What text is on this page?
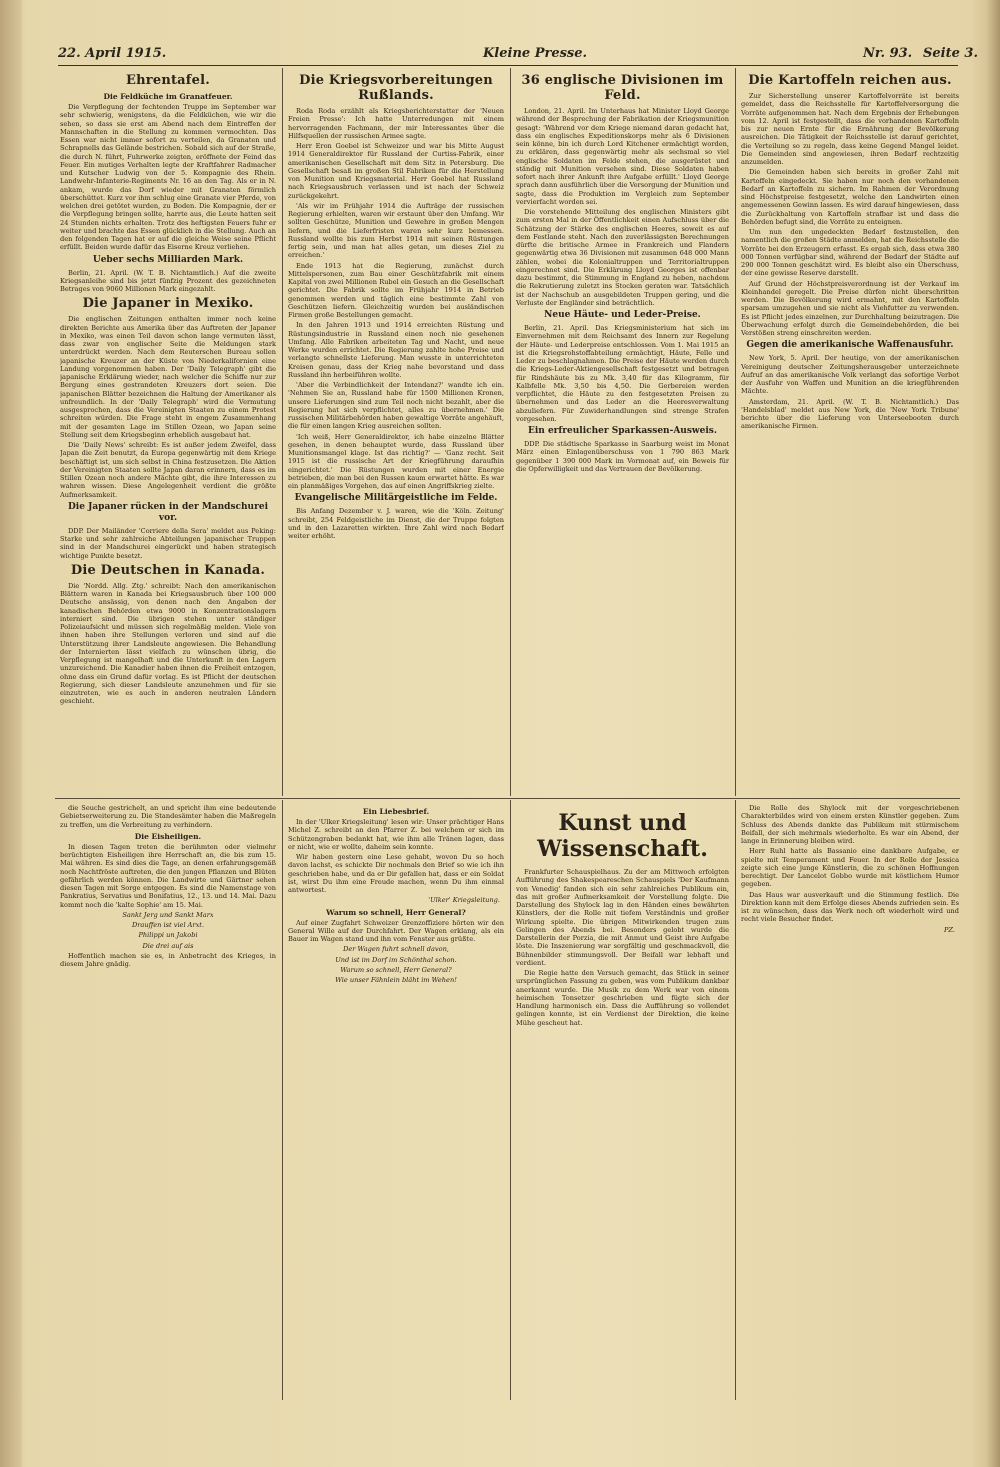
22. April 1915.	Kleine Presse.	Nr. 93. Seite 3.
Ehrentafel.
Die Feldküche im Granatfeuer.

Die Verpflegung der fechtenden Truppe im September war sehr schwierig, wenigstens, da die Feldküchen, wie wir die sehen, so dass sie erst am Abend nach dem Eintreffen der Mannschaften in die Stellung zu kommen vermochten. Das Essen war nicht immer sofort zu verteilen, da Granaten und Schrapnells das Gelände bestrichen. Sobald sich auf der Straße, die durch N. führt, Fuhrwerke zeigten, eröffnete der Feind das Feuer. Ein mutiges Verhalten legte der Kraftfahrer Radmacher und Kutscher Ludwig von der 5. Kompagnie des Rhein. Landwehr-Infanterie-Regiments Nr. 16 an den Tag. Als er in N. ankam, wurde das Dorf wieder mit Granaten förmlich überschüttet. Kurz vor ihm schlug eine Granate vier Pferde, von welchen drei getötet wurden, zu Boden. Die Kompagnie, der er die Verpflegung bringen sollte, harrte aus, die Leute hatten seit 24 Stunden nichts erhalten. Trotz des heftigsten Feuers fuhr er weiter und brachte das Essen glücklich in die Stellung. Auch an den folgenden Tagen hat er auf die gleiche Weise seine Pflicht erfüllt. Beiden wurde dafür das Eiserne Kreuz verliehen.

Ueber sechs Milliarden Mark.

Berlin, 21. April. (W. T. B. Nichtamtlich.) Auf die zweite Kriegsanleihe sind bis jetzt fünfzig Prozent des gezeichneten Betrages von 9060 Millionen Mark eingezahlt.

Die Japaner in Mexiko.

Die englischen Zeitungen enthalten immer noch keine direkten Berichte aus Amerika über das Auftreten der Japaner in Mexiko, was einen Teil davon schon lange vermuten lässt, dass zwar von englischer Seite die Meldungen stark unterdrückt werden. Nach dem Reuterschen Bureau sollen japanische Kreuzer an der Küste von Niederkalifornien eine Landung vorgenommen haben. Der 'Daily Telegraph' gibt die japanische Erklärung wieder, nach welcher die Schiffe nur zur Bergung eines gestrandeten Kreuzers dort seien. Die japanischen Blätter bezeichnen die Haltung der Amerikaner als unfreundlich. In der 'Daily Telegraph' wird die Vermutung ausgesprochen, dass die Vereinigten Staaten zu einem Protest schreiten würden. Die Frage steht in engem Zusammenhang mit der gesamten Lage im Stillen Ozean, wo Japan seine Stellung seit dem Kriegsbeginn erheblich ausgebaut hat.

Die 'Daily News' schreibt: Es ist außer jedem Zweifel, dass Japan die Zeit benutzt, da Europa gegenwärtig mit dem Kriege beschäftigt ist, um sich selbst in China festzusetzen. Die Aktion der Vereinigten Staaten sollte Japan daran erinnern, dass es im Stillen Ozean noch andere Mächte gibt, die ihre Interessen zu wahren wissen. Diese Angelegenheit verdient die größte Aufmerksamkeit.

Die Japaner rücken in der Mandschurei vor.

DDP. Der Mailänder 'Corriere della Sera' meldet aus Peking: Starke und sehr zahlreiche Abteilungen japanischer Truppen sind in der Mandschurei eingerückt und haben strategisch wichtige Punkte besetzt.

Die Deutschen in Kanada.

Die 'Nordd. Allg. Ztg.' schreibt: Nach den amerikanischen Blättern waren in Kanada bei Kriegsausbruch über 100 000 Deutsche ansässig, von denen nach den Angaben der kanadischen Behörden etwa 9000 in Konzentrationslagern interniert sind. Die übrigen stehen unter ständiger Polizeiaufsicht und müssen sich regelmäßig melden. Viele von ihnen haben ihre Stellungen verloren und sind auf die Unterstützung ihrer Landsleute angewiesen. Die Behandlung der Internierten lässt vielfach zu wünschen übrig, die Verpflegung ist mangelhaft und die Unterkunft in den Lagern unzureichend. Die Kanadier haben ihnen die Freiheit entzogen, ohne dass ein Grund dafür vorlag. Es ist Pflicht der deutschen Regierung, sich dieser Landsleute anzunehmen und für sie einzutreten, wie es auch in anderen neutralen Ländern geschieht.

Die Kriegsvorbereitungen Rußlands.

Roda Roda erzählt als Kriegsberichterstatter der 'Neuen Freien Presse': Ich hatte Unterredungen mit einem hervorragenden Fachmann, der mir Interessantes über die Hilfsquellen der russischen Armee sagte.

Herr Eron Goebel ist Schweizer und war bis Mitte August 1914 Generaldirektor für Russland der Curtiss-Fabrik, einer amerikanischen Gesellschaft mit dem Sitz in Petersburg. Die Gesellschaft besaß im großen Stil Fabriken für die Herstellung von Munition und Kriegsmaterial. Herr Goebel hat Russland nach Kriegsausbruch verlassen und ist nach der Schweiz zurückgekehrt.

'Als wir im Frühjahr 1914 die Aufträge der russischen Regierung erhielten, waren wir erstaunt über den Umfang. Wir sollten Geschütze, Munition und Gewehre in großen Mengen liefern, und die Lieferfristen waren sehr kurz bemessen. Russland wollte bis zum Herbst 1914 mit seinen Rüstungen fertig sein, und man hat alles getan, um dieses Ziel zu erreichen.'

Ende 1913 hat die Regierung, zunächst durch Mittelspersonen, zum Bau einer Geschützfabrik mit einem Kapital von zwei Millionen Rubel ein Gesuch an die Gesellschaft gerichtet. Die Fabrik sollte im Frühjahr 1914 in Betrieb genommen werden und täglich eine bestimmte Zahl von Geschützen liefern. Gleichzeitig wurden bei ausländischen Firmen große Bestellungen gemacht.

In den Jahren 1913 und 1914 erreichten Rüstung und Rüstungsindustrie in Russland einen noch nie gesehenen Umfang. Alle Fabriken arbeiteten Tag und Nacht, und neue Werke wurden errichtet. Die Regierung zahlte hohe Preise und verlangte schnellste Lieferung. Man wusste in unterrichteten Kreisen genau, dass der Krieg nahe bevorstand und dass Russland ihn herbeiführen wollte.

'Aber die Verbindlichkeit der Intendanz?' wandte ich ein. 'Nehmen Sie an, Russland habe für 1500 Millionen Kronen, unsere Lieferungen sind zum Teil noch nicht bezahlt, aber die Regierung hat sich verpflichtet, alles zu übernehmen.' Die russischen Militärbehörden haben gewaltige Vorräte angehäuft, die für einen langen Krieg ausreichen sollten.

'Ich weiß, Herr Generaldirektor, ich habe einzelne Blätter gesehen, in denen behauptet wurde, dass Russland über Munitionsmangel klage. Ist das richtig?' — 'Ganz recht. Seit 1915 ist die russische Art der Kriegführung daraufhin eingerichtet.' Die Rüstungen wurden mit einer Energie betrieben, die man bei den Russen kaum erwartet hätte. Es war ein planmäßiges Vorgehen, das auf einen Angriffskrieg zielte.

Evangelische Militärgeistliche im Felde.

Bis Anfang Dezember v. J. waren, wie die 'Köln. Zeitung' schreibt, 254 Feldgeistliche im Dienst, die der Truppe folgten und in den Lazaretten wirkten. Ihre Zahl wird nach Bedarf weiter erhöht.

36 englische Divisionen im Feld.

London, 21. April. Im Unterhaus hat Minister Lloyd George während der Besprechung der Fabrikation der Kriegsmunition gesagt: 'Während vor dem Kriege niemand daran gedacht hat, dass ein englisches Expeditionskorps mehr als 6 Divisionen sein könne, bin ich durch Lord Kitchener ermächtigt worden, zu erklären, dass gegenwärtig mehr als sechsmal so viel englische Soldaten im Felde stehen, die ausgerüstet und ständig mit Munition versehen sind. Diese Soldaten haben sofort nach ihrer Ankunft ihre Aufgabe erfüllt.' Lloyd George sprach dann ausführlich über die Versorgung der Munition und sagte, dass die Produktion im Vergleich zum September vervierfacht worden sei.

Die vorstehende Mitteilung des englischen Ministers gibt zum ersten Mal in der Öffentlichkeit einen Aufschluss über die Schätzung der Stärke des englischen Heeres, soweit es auf dem Festlande steht. Nach den zuverlässigsten Berechnungen dürfte die britische Armee in Frankreich und Flandern gegenwärtig etwa 36 Divisionen mit zusammen 648 000 Mann zählen, wobei die Kolonialtruppen und Territorialtruppen eingerechnet sind. Die Erklärung Lloyd Georges ist offenbar dazu bestimmt, die Stimmung in England zu heben, nachdem die Rekrutierung zuletzt ins Stocken geraten war. Tatsächlich ist der Nachschub an ausgebildeten Truppen gering, und die Verluste der Engländer sind beträchtlich.

Neue Häute- und Leder-Preise.

Berlin, 21. April. Das Kriegsministerium hat sich im Einvernehmen mit dem Reichsamt des Innern zur Regelung der Häute- und Lederpreise entschlossen. Vom 1. Mai 1915 an ist die Kriegsrohstoffabteilung ermächtigt, Häute, Felle und Leder zu beschlagnahmen. Die Preise der Häute werden durch die Kriegs-Leder-Aktiengesellschaft festgesetzt und betragen für Rindshäute bis zu Mk. 3,40 für das Kilogramm, für Kalbfelle Mk. 3,50 bis 4,50. Die Gerbereien werden verpflichtet, die Häute zu den festgesetzten Preisen zu übernehmen und das Leder an die Heeresverwaltung abzuliefern. Für Zuwiderhandlungen sind strenge Strafen vorgesehen.

Ein erfreulicher Sparkassen-Ausweis.

DDP. Die städtische Sparkasse in Saarburg weist im Monat März einen Einlagenüberschuss von 1 790 863 Mark gegenüber 1 390 000 Mark im Vormonat auf, ein Beweis für die Opferwilligkeit und das Vertrauen der Bevölkerung.

Die Kartoffeln reichen aus.

Zur Sicherstellung unserer Kartoffelvorräte ist bereits gemeldet, dass die Reichsstelle für Kartoffelversorgung die Vorräte aufgenommen hat. Nach dem Ergebnis der Erhebungen vom 12. April ist festgestellt, dass die vorhandenen Kartoffeln bis zur neuen Ernte für die Ernährung der Bevölkerung ausreichen. Die Tätigkeit der Reichsstelle ist darauf gerichtet, die Verteilung so zu regeln, dass keine Gegend Mangel leidet. Die Gemeinden sind angewiesen, ihren Bedarf rechtzeitig anzumelden.

Die Gemeinden haben sich bereits in großer Zahl mit Kartoffeln eingedeckt. Sie haben nur noch den vorhandenen Bedarf an Kartoffeln zu sichern. Im Rahmen der Verordnung sind Höchstpreise festgesetzt, welche den Landwirten einen angemessenen Gewinn lassen. Es wird darauf hingewiesen, dass die Zurückhaltung von Kartoffeln strafbar ist und dass die Behörden befugt sind, die Vorräte zu enteignen.

Um nun den ungedeckten Bedarf festzustellen, den namentlich die großen Städte anmelden, hat die Reichsstelle die Vorräte bei den Erzeugern erfasst. Es ergab sich, dass etwa 380 000 Tonnen verfügbar sind, während der Bedarf der Städte auf 290 000 Tonnen geschätzt wird. Es bleibt also ein Überschuss, der eine gewisse Reserve darstellt.

Auf Grund der Höchstpreisverordnung ist der Verkauf im Kleinhandel geregelt. Die Preise dürfen nicht überschritten werden. Die Bevölkerung wird ermahnt, mit den Kartoffeln sparsam umzugehen und sie nicht als Viehfutter zu verwenden. Es ist Pflicht jedes einzelnen, zur Durchhaltung beizutragen. Die Überwachung erfolgt durch die Gemeindebehörden, die bei Verstößen streng einschreiten werden.

Gegen die amerikanische Waffenausfuhr.

New York, 5. April. Der heutige, von der amerikanischen Vereinigung deutscher Zeitungsherausgeber unterzeichnete Aufruf an das amerikanische Volk verlangt das sofortige Verbot der Ausfuhr von Waffen und Munition an die kriegführenden Mächte.

Amsterdam, 21. April. (W. T. B. Nichtamtlich.) Das 'Handelsblad' meldet aus New York, die 'New York Tribune' berichte über die Lieferung von Unterseebooten durch amerikanische Firmen.

die Seuche gestrichelt, an und spricht ihm eine bedeutende Gebietserweiterung zu. Die Standesämter haben die Maßregeln zu treffen, um die Verbreitung zu verhindern.

Die Eisheiligen.

In diesen Tagen treten die berühmten oder vielmehr berüchtigten Eisheiligen ihre Herrschaft an, die bis zum 15. Mai währen. Es sind dies die Tage, an denen erfahrungsgemäß noch Nachtfröste auftreten, die den jungen Pflanzen und Blüten gefährlich werden können. Die Landwirte und Gärtner sehen diesen Tagen mit Sorge entgegen. Es sind die Namenstage von Pankratius, Servatius und Bonifatius, 12., 13. und 14. Mai. Dazu kommt noch die 'kalte Sophie' am 15. Mai.

Sankt Jerg und Sankt Marx

Drauffen ist viel Arxt.

Philippi un Jakobi

Die drei auf ais

Hoffentlich machen sie es, in Anbetracht des Krieges, in diesem Jahre gnädig.

Ein Liebesbrief.

In der 'Ulker Kriegsleitung' lesen wir: Unser prächtiger Hans Michel Z. schreibt an den Pfarrer Z. bei welchem er sich im Schützengraben bedankt hat, wie ihm alle Tränen lagen, dass er nicht, wie er wollte, daheim sein konnte.

Wir haben gestern eine Lese gehabt, wovon Du so hoch davon lachst, es schickte Dir nochmals den Brief so wie ich ihn geschrieben habe, und da er Dir gefallen hat, dass er ein Soldat ist, wirst Du ihm eine Freude machen, wenn Du ihm einmal antwortest.

'Ulker' Kriegsleitung.

Warum so schnell, Herr General?

Auf einer Zugfahrt Schweizer Grenzoffiziere hörten wir den General Wille auf der Durchfahrt. Der Wagen erklang, als ein Bauer im Wagen stand und ihn vom Fenster aus grüßte.

Der Wagen fuhrt schnell davon,

Und ist im Dorf im Schönthal schon.

Warum so schnell, Herr General?

Wie unser Fähnlein bläht im Wehen!

Kunst und Wissenschaft.

Frankfurter Schauspielhaus. Zu der am Mittwoch erfolgten Aufführung des Shakespeareschen Schauspiels 'Der Kaufmann von Venedig' fanden sich ein sehr zahlreiches Publikum ein, das mit großer Aufmerksamkeit der Vorstellung folgte. Die Darstellung des Shylock lag in den Händen eines bewährten Künstlers, der die Rolle mit tiefem Verständnis und großer Wirkung spielte. Die übrigen Mitwirkenden trugen zum Gelingen des Abends bei. Besonders gelobt wurde die Darstellerin der Porzia, die mit Anmut und Geist ihre Aufgabe löste. Die Inszenierung war sorgfältig und geschmackvoll, die Bühnenbilder stimmungsvoll. Der Beifall war lebhaft und verdient.

Die Regie hatte den Versuch gemacht, das Stück in seiner ursprünglichen Fassung zu geben, was vom Publikum dankbar anerkannt wurde. Die Musik zu dem Werk war von einem heimischen Tonsetzer geschrieben und fügte sich der Handlung harmonisch ein. Dass die Aufführung so vollendet gelingen konnte, ist ein Verdienst der Direktion, die keine Mühe gescheut hat.

Die Rolle des Shylock mit der vorgeschriebenen Charakterbildes wird von einem ersten Künstler gegeben. Zum Schluss des Abends dankte das Publikum mit stürmischem Beifall, der sich mehrmals wiederholte. Es war ein Abend, der lange in Erinnerung bleiben wird.

Herr Ruhl hatte als Bassanio eine dankbare Aufgabe, er spielte mit Temperament und Feuer. In der Rolle der Jessica zeigte sich eine junge Künstlerin, die zu schönen Hoffnungen berechtigt. Der Lancelot Gobbo wurde mit köstlichem Humor gegeben.

Das Haus war ausverkauft und die Stimmung festlich. Die Direktion kann mit dem Erfolge dieses Abends zufrieden sein. Es ist zu wünschen, dass das Werk noch oft wiederholt wird und recht viele Besucher findet.

PZ.
